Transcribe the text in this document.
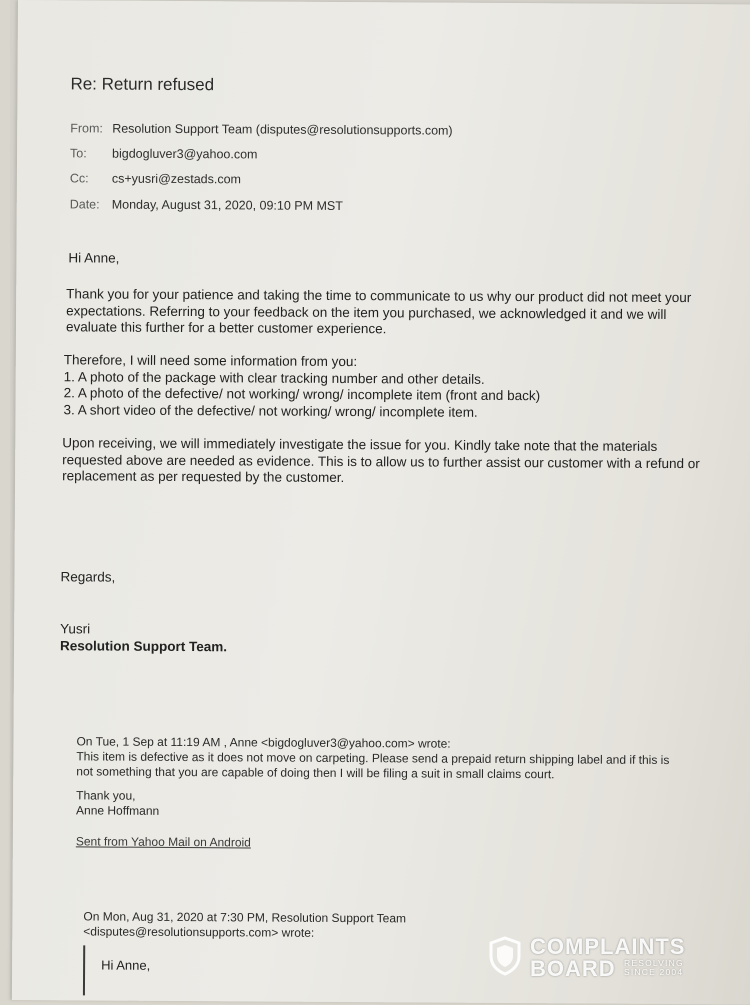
Re: Return refused
From: Resolution Support Team (disputes@resolutionsupports.com)
To: bigdogluver3@yahoo.com
Cc: cs+yusri@zestads.com
Date: Monday, August 31, 2020, 09:10 PM MST
Hi Anne,
Thank you for your patience and taking the time to communicate to us why our product did not meet your
expectations. Referring to your feedback on the item you purchased, we acknowledged it and we will
evaluate this further for a better customer experience.
Therefore, I will need some information from you:
1. A photo of the package with clear tracking number and other details.
2. A photo of the defective/ not working/ wrong/ incomplete item (front and back)
3. A short video of the defective/ not working/ wrong/ incomplete item.
Upon receiving, we will immediately investigate the issue for you. Kindly take note that the materials
requested above are needed as evidence. This is to allow us to further assist our customer with a refund or
replacement as per requested by the customer.
Regards,
Yusri
Resolution Support Team.
On Tue, 1 Sep at 11:19 AM , Anne <bigdogluver3@yahoo.com> wrote:
This item is defective as it does not move on carpeting. Please send a prepaid return shipping label and if this is
not something that you are capable of doing then I will be filing a suit in small claims court.
Thank you,
Anne Hoffmann
Sent from Yahoo Mail on Android
On Mon, Aug 31, 2020 at 7:30 PM, Resolution Support Team
<disputes@resolutionsupports.com> wrote:
Hi Anne,
COMPLAINTS
BOARD RESOLVING
SINCE 2004
